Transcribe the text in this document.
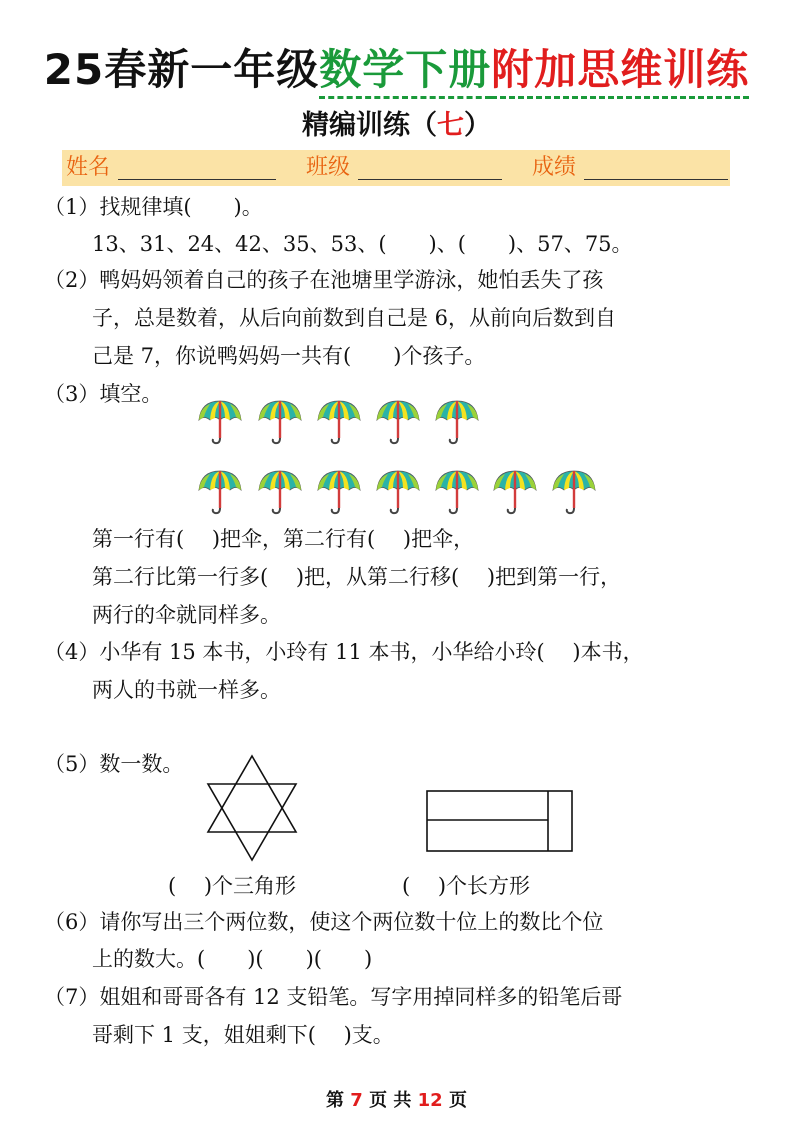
25春新一年级数学下册附加思维训练
精编训练（七）
姓名	班级	成绩
（1）找规律填(　　)。
13、31、24、42、35、53、(　　)、(　　)、57、75。
（2）鸭妈妈领着自己的孩子在池塘里学游泳，她怕丢失了孩
子，总是数着，从后向前数到自己是 6，从前向后数到自
己是 7，你说鸭妈妈一共有(　　)个孩子。
（3）填空。
第一行有(　 )把伞，第二行有(　 )把伞，
第二行比第一行多(　 )把，从第二行移(　 )把到第一行，
两行的伞就同样多。
（4）小华有 15 本书，小玲有 11 本书，小华给小玲(　 )本书，
两人的书就一样多。
（5）数一数。
(　 )个三角形	(　 )个长方形
（6）请你写出三个两位数，使这个两位数十位上的数比个位
上的数大。(　　)(　　)(　　)
（7）姐姐和哥哥各有 12 支铅笔。写字用掉同样多的铅笔后哥
哥剩下 1 支，姐姐剩下(　 )支。
第 7 页 共 12 页
